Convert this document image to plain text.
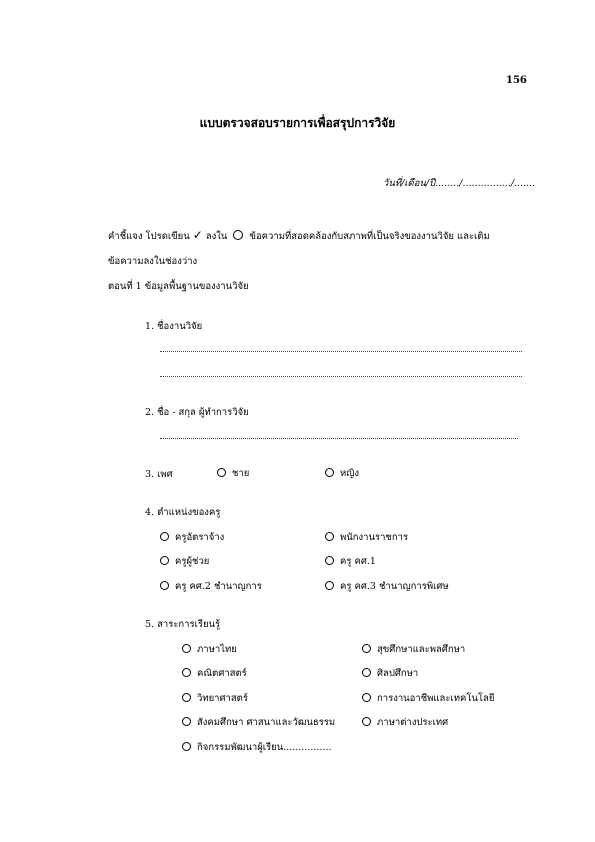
156
แบบตรวจสอบรายการเพื่อสรุปการวิจัย
วันที่/เดือน/ปี......../................/.......
คำชี้แจง โปรดเขียน ✓ ลงใน ข้อความที่สอดคล้องกับสภาพที่เป็นจริงของงานวิจัย และเติม
ข้อความลงในช่องว่าง
ตอนที่ 1 ข้อมูลพื้นฐานของงานวิจัย
1. ชื่องานวิจัย
2. ชื่อ - สกุล ผู้ทำการวิจัย
3. เพศ	ชาย	หญิง
4. ตำแหน่งของครู
ครูอัตราจ้าง	พนักงานราชการ
ครูผู้ช่วย	ครู คศ.1
ครู คศ.2 ชำนาญการ	ครู คศ.3 ชำนาญการพิเศษ
5. สาระการเรียนรู้
ภาษาไทย	สุขศึกษาและพลศึกษา
คณิตศาสตร์	ศิลปศึกษา
วิทยาศาสตร์	การงานอาชีพและเทคโนโลยี
สังคมศึกษา ศาสนาและวัฒนธรรม	ภาษาต่างประเทศ
กิจกรรมพัฒนาผู้เรียน................
